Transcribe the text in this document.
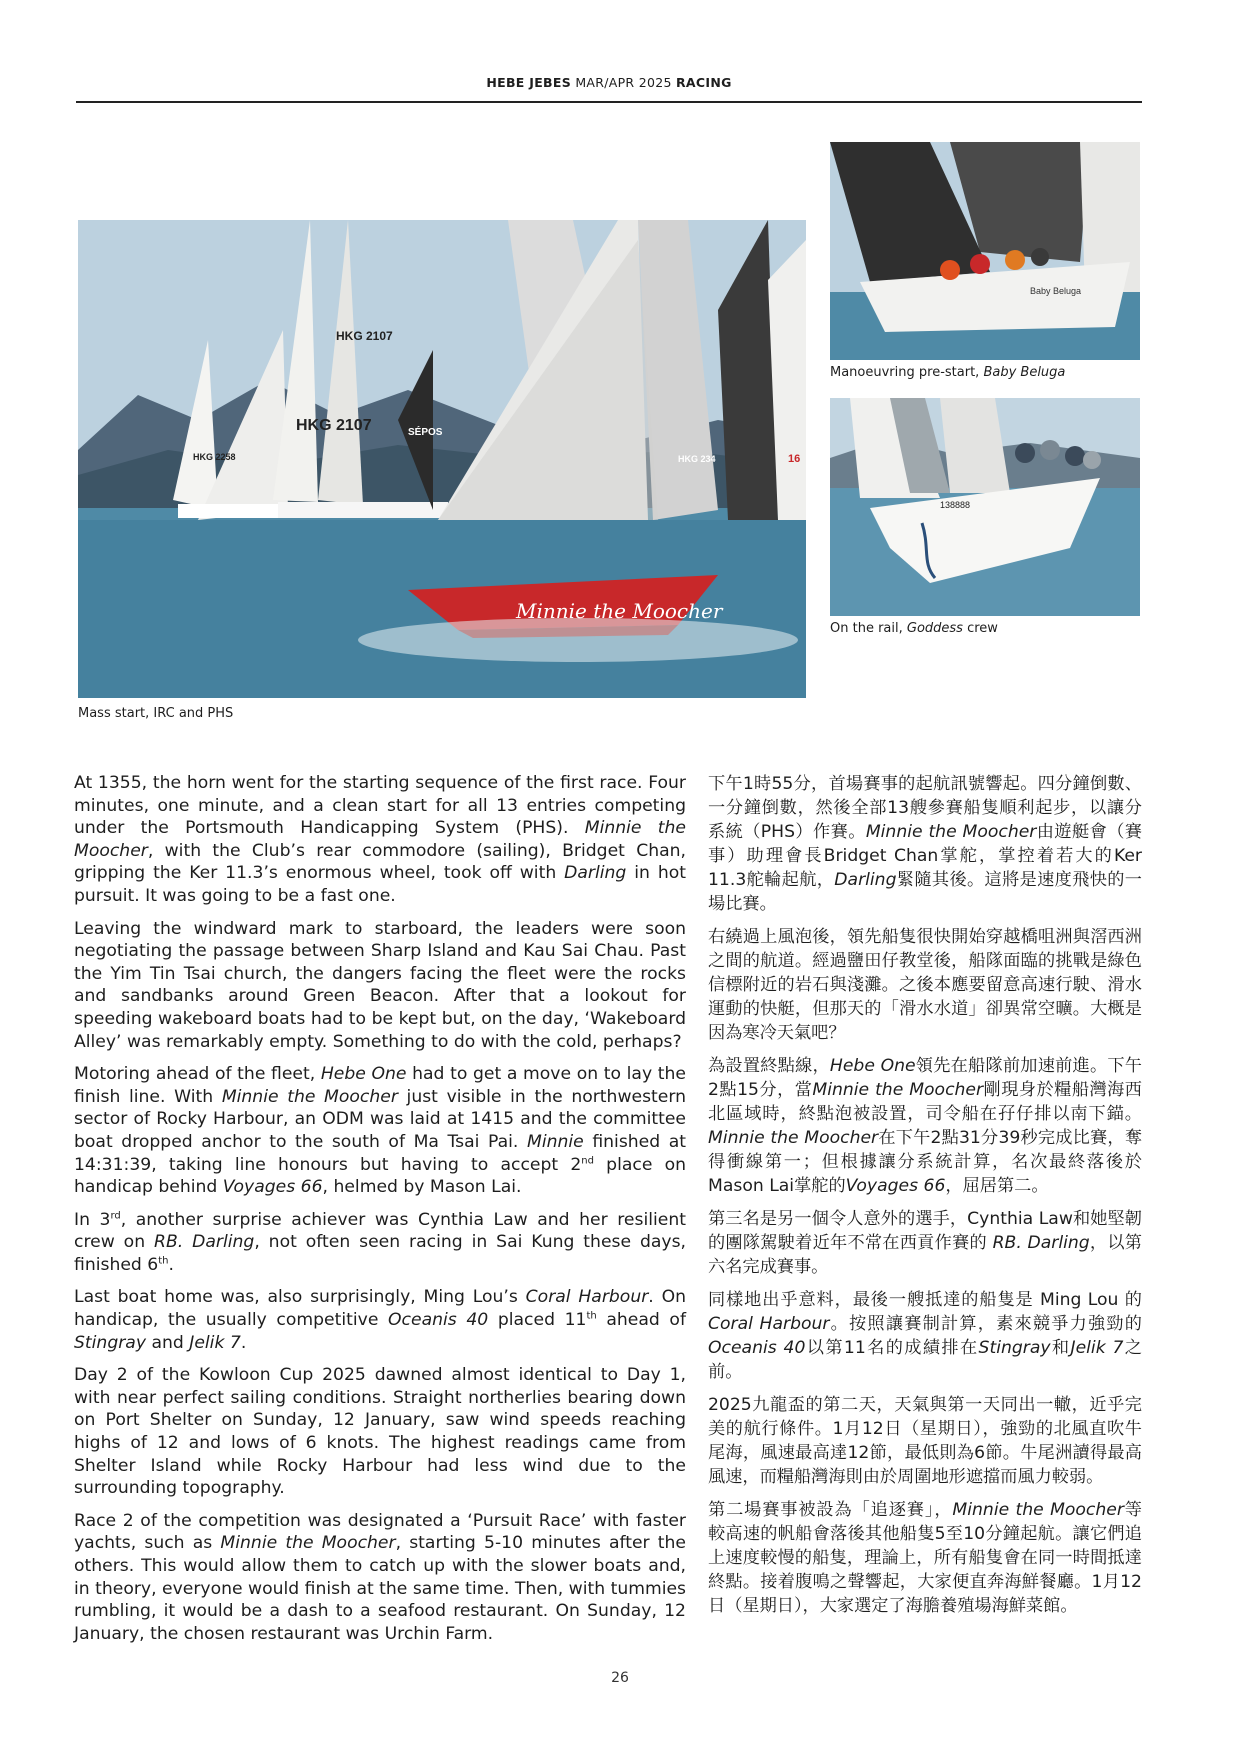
HEBE JEBES MAR/APR 2025 RACING
Minnie the Moocher
HKG 2107
HKG 2107
HKG 2258	HKG 234	16
SÉPOS
Mass start, IRC and PHS
Baby Beluga
Manoeuvring pre-start, Baby Beluga
138888
On the rail, Goddess crew

At 1355, the horn went for the starting sequence of the first race. Four minutes, one minute, and a clean start for all 13 entries competing under the Portsmouth Handicapping System (PHS). Minnie the Moocher, with the Club’s rear commodore (sailing), Bridget Chan, gripping the Ker 11.3’s enormous wheel, took off with Darling in hot pursuit. It was going to be a fast one.

Leaving the windward mark to starboard, the leaders were soon negotiating the passage between Sharp Island and Kau Sai Chau. Past the Yim Tin Tsai church, the dangers facing the fleet were the rocks and sandbanks around Green Beacon. After that a lookout for speeding wakeboard boats had to be kept but, on the day, ‘Wakeboard Alley’ was remarkably empty. Something to do with the cold, perhaps?

Motoring ahead of the fleet, Hebe One had to get a move on to lay the finish line. With Minnie the Moocher just visible in the northwestern sector of Rocky Harbour, an ODM was laid at 1415 and the committee boat dropped anchor to the south of Ma Tsai Pai. Minnie finished at 14:31:39, taking line honours but having to accept 2nd place on handicap behind Voyages 66, helmed by Mason Lai.

In 3rd, another surprise achiever was Cynthia Law and her resilient crew on RB. Darling, not often seen racing in Sai Kung these days, finished 6th.

Last boat home was, also surprisingly, Ming Lou’s Coral Harbour. On handicap, the usually competitive Oceanis 40 placed 11th ahead of Stingray and Jelik 7.

Day 2 of the Kowloon Cup 2025 dawned almost identical to Day 1, with near perfect sailing conditions. Straight northerlies bearing down on Port Shelter on Sunday, 12 January, saw wind speeds reaching highs of 12 and lows of 6 knots. The highest readings came from Shelter Island while Rocky Harbour had less wind due to the surrounding topography.

Race 2 of the competition was designated a ‘Pursuit Race’ with faster yachts, such as Minnie the Moocher, starting 5-10 minutes after the others. This would allow them to catch up with the slower boats and, in theory, everyone would finish at the same time. Then, with tummies rumbling, it would be a dash to a seafood restaurant. On Sunday, 12 January, the chosen restaurant was Urchin Farm.

下午1時55分，首場賽事的起航訊號響起。四分鐘倒數、一分鐘倒數，然後全部13艘參賽船隻順利起步，以讓分系統（PHS）作賽。Minnie the Moocher由遊艇會（賽事）助理會長Bridget Chan掌舵，掌控着若大的Ker 11.3舵輪起航，Darling緊隨其後。這將是速度飛快的一場比賽。

右繞過上風泡後，領先船隻很快開始穿越橋咀洲與滘西洲之間的航道。經過鹽田仔教堂後，船隊面臨的挑戰是綠色信標附近的岩石與淺灘。之後本應要留意高速行駛、滑水運動的快艇，但那天的「滑水水道」卻異常空曠。大概是因為寒冷天氣吧？

為設置終點線，Hebe One領先在船隊前加速前進。下午2點15分，當Minnie the Moocher剛現身於糧船灣海西北區域時，終點泡被設置，司令船在孖仔排以南下錨。Minnie the Moocher在下午2點31分39秒完成比賽，奪得衝線第一；但根據讓分系統計算，名次最終落後於Mason Lai掌舵的Voyages 66，屈居第二。

第三名是另一個令人意外的選手，Cynthia Law和她堅韌的團隊駕駛着近年不常在西貢作賽的 RB. Darling，以第六名完成賽事。

同樣地出乎意料，最後一艘抵達的船隻是 Ming Lou 的 Coral Harbour。按照讓賽制計算，素來競爭力強勁的 Oceanis 40以第11名的成績排在Stingray和Jelik 7之前。

2025九龍盃的第二天，天氣與第一天同出一轍，近乎完美的航行條件。1月12日（星期日），強勁的北風直吹牛尾海，風速最高達12節，最低則為6節。牛尾洲讀得最高風速，而糧船灣海則由於周圍地形遮擋而風力較弱。

第二場賽事被設為「追逐賽」，Minnie the Moocher等較高速的帆船會落後其他船隻5至10分鐘起航。讓它們追上速度較慢的船隻，理論上，所有船隻會在同一時間抵達終點。接着腹鳴之聲響起，大家便直奔海鮮餐廳。1月12日（星期日），大家選定了海膽養殖場海鮮菜館。

26
